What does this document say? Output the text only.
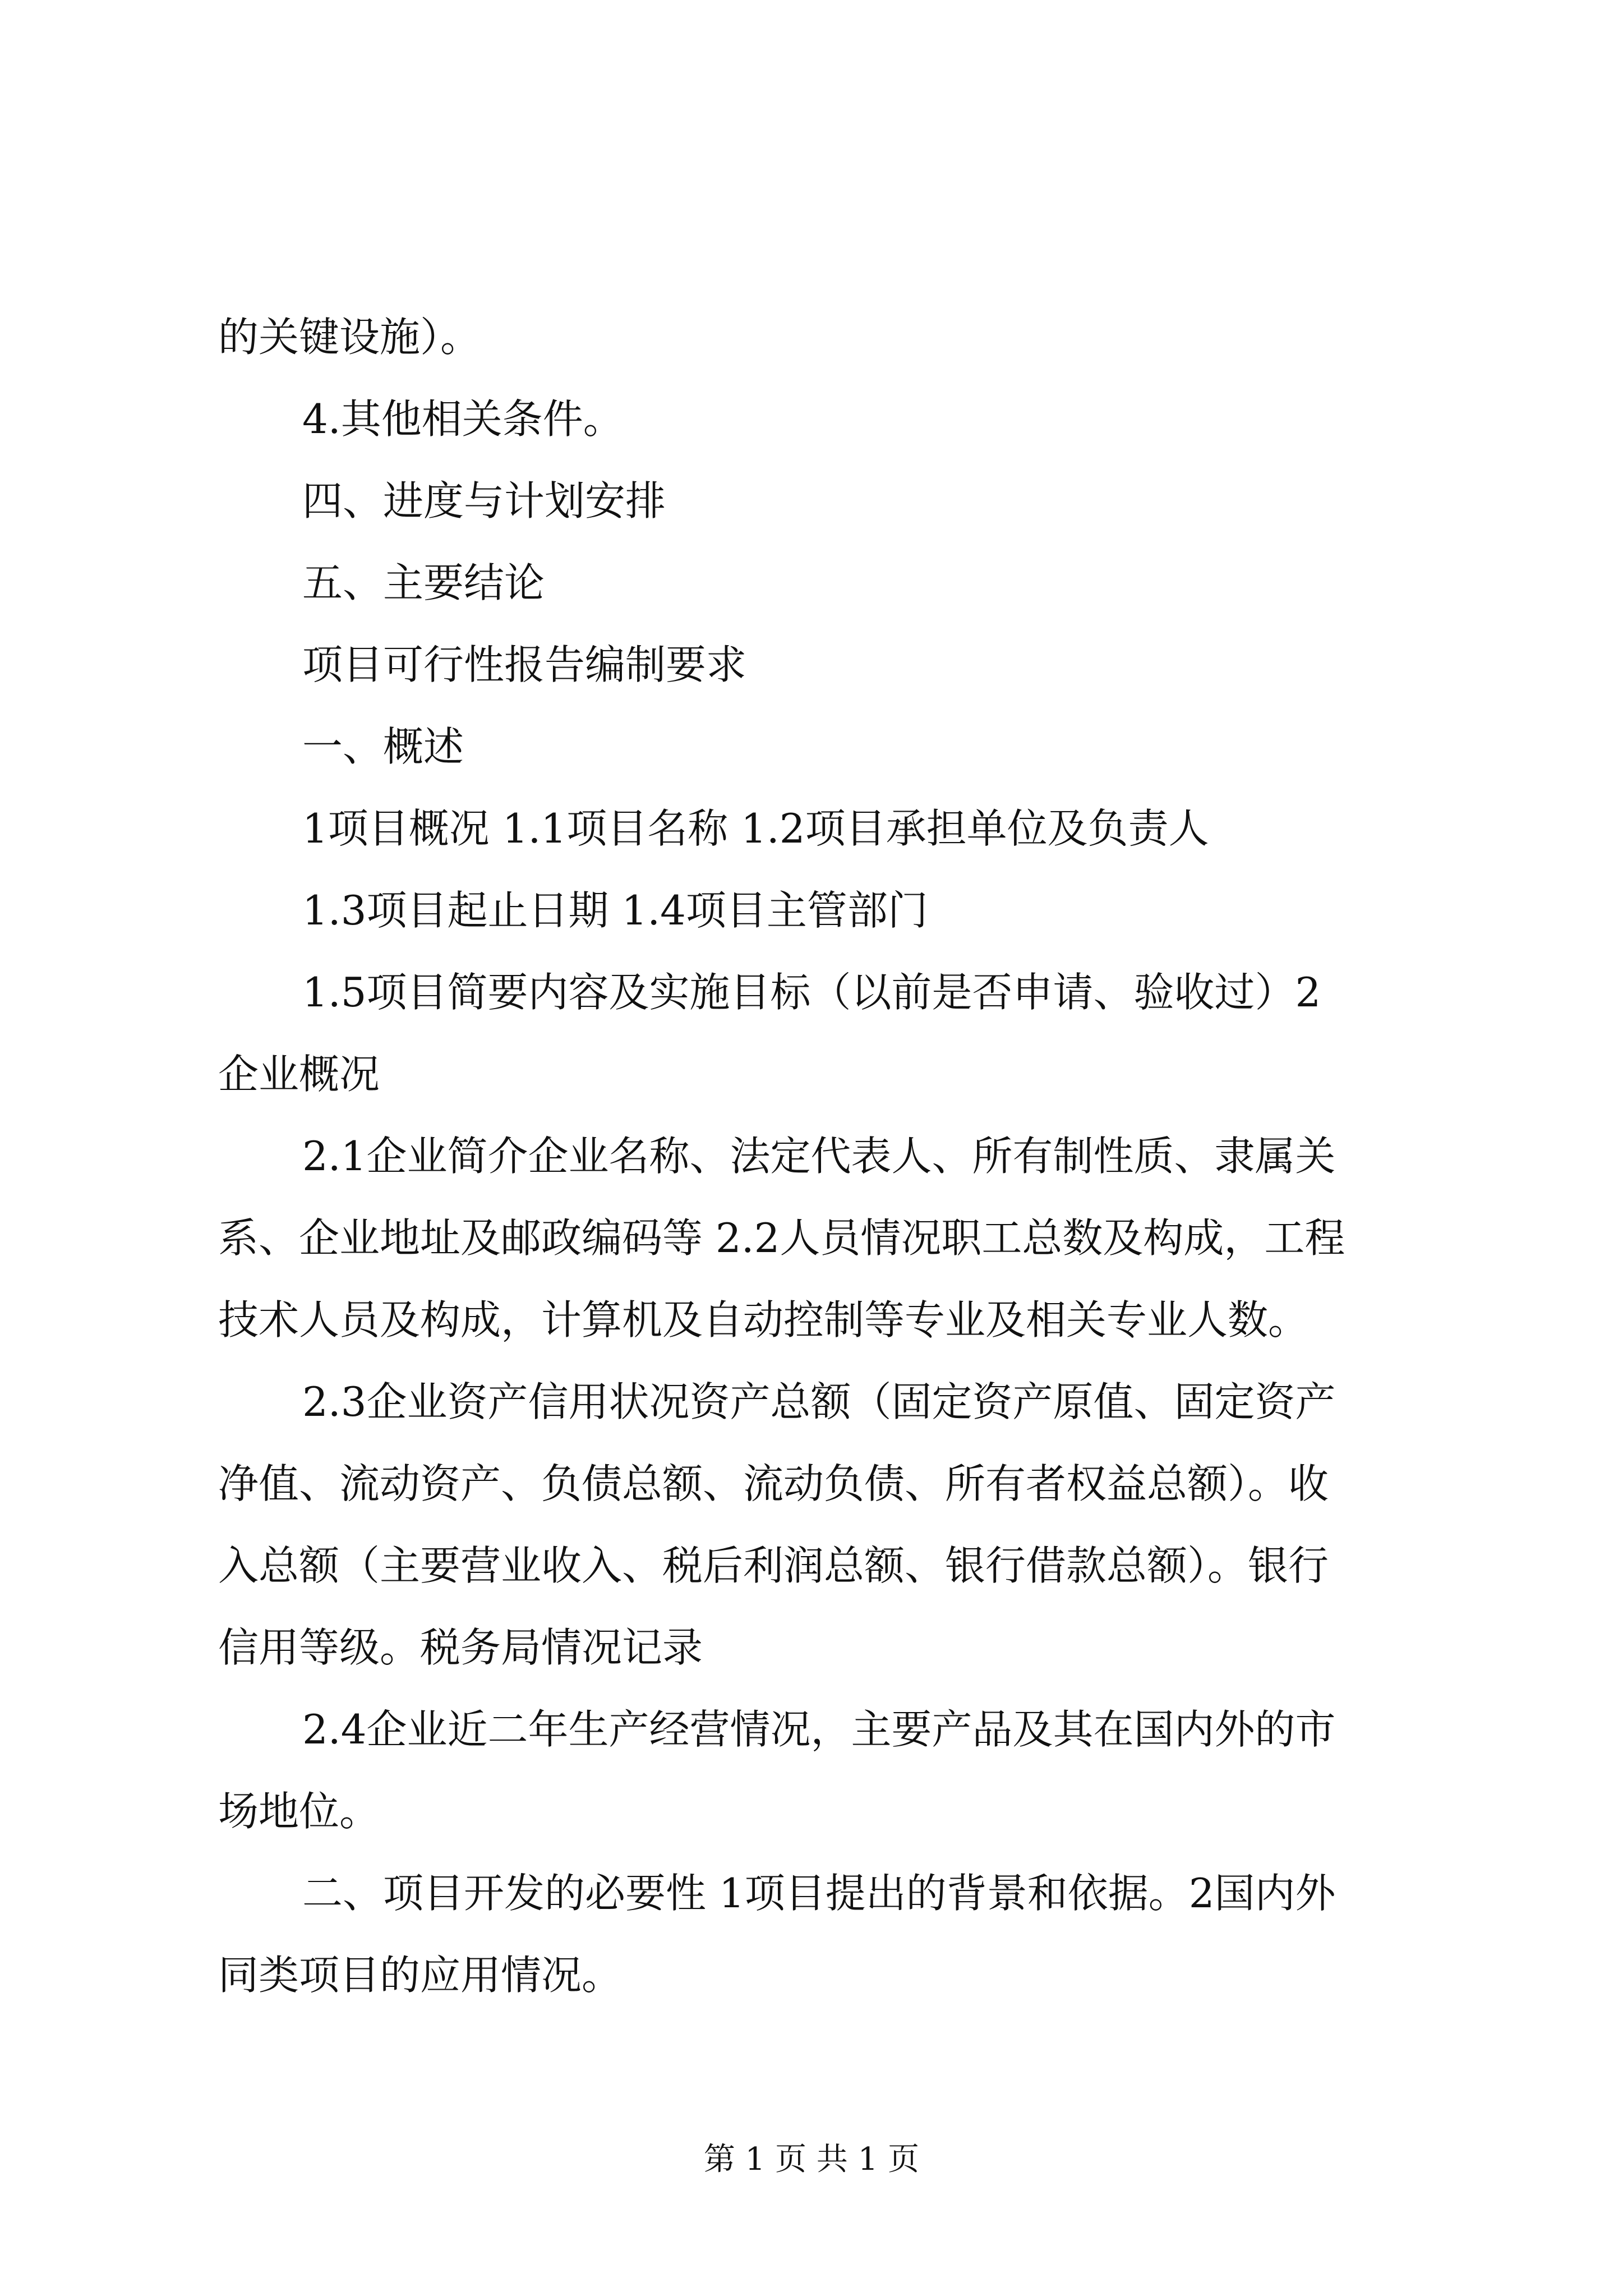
的关键设施）。

4.其他相关条件。

四、进度与计划安排

五、主要结论

项目可行性报告编制要求

一、概述

1项目概况 1.1项目名称 1.2项目承担单位及负责人

1.3项目起止日期 1.4项目主管部门

1.5项目简要内容及实施目标（以前是否申请、验收过）2

企业概况

2.1企业简介企业名称、法定代表人、所有制性质、隶属关

系、企业地址及邮政编码等 2.2人员情况职工总数及构成，工程

技术人员及构成，计算机及自动控制等专业及相关专业人数。

2.3企业资产信用状况资产总额（固定资产原值、固定资产

净值、流动资产、负债总额、流动负债、所有者权益总额）。收

入总额（主要营业收入、税后利润总额、银行借款总额）。银行

信用等级。税务局情况记录

2.4企业近二年生产经营情况，主要产品及其在国内外的市

场地位。

二、项目开发的必要性 1项目提出的背景和依据。2国内外

同类项目的应用情况。

第 1 页 共 1 页
